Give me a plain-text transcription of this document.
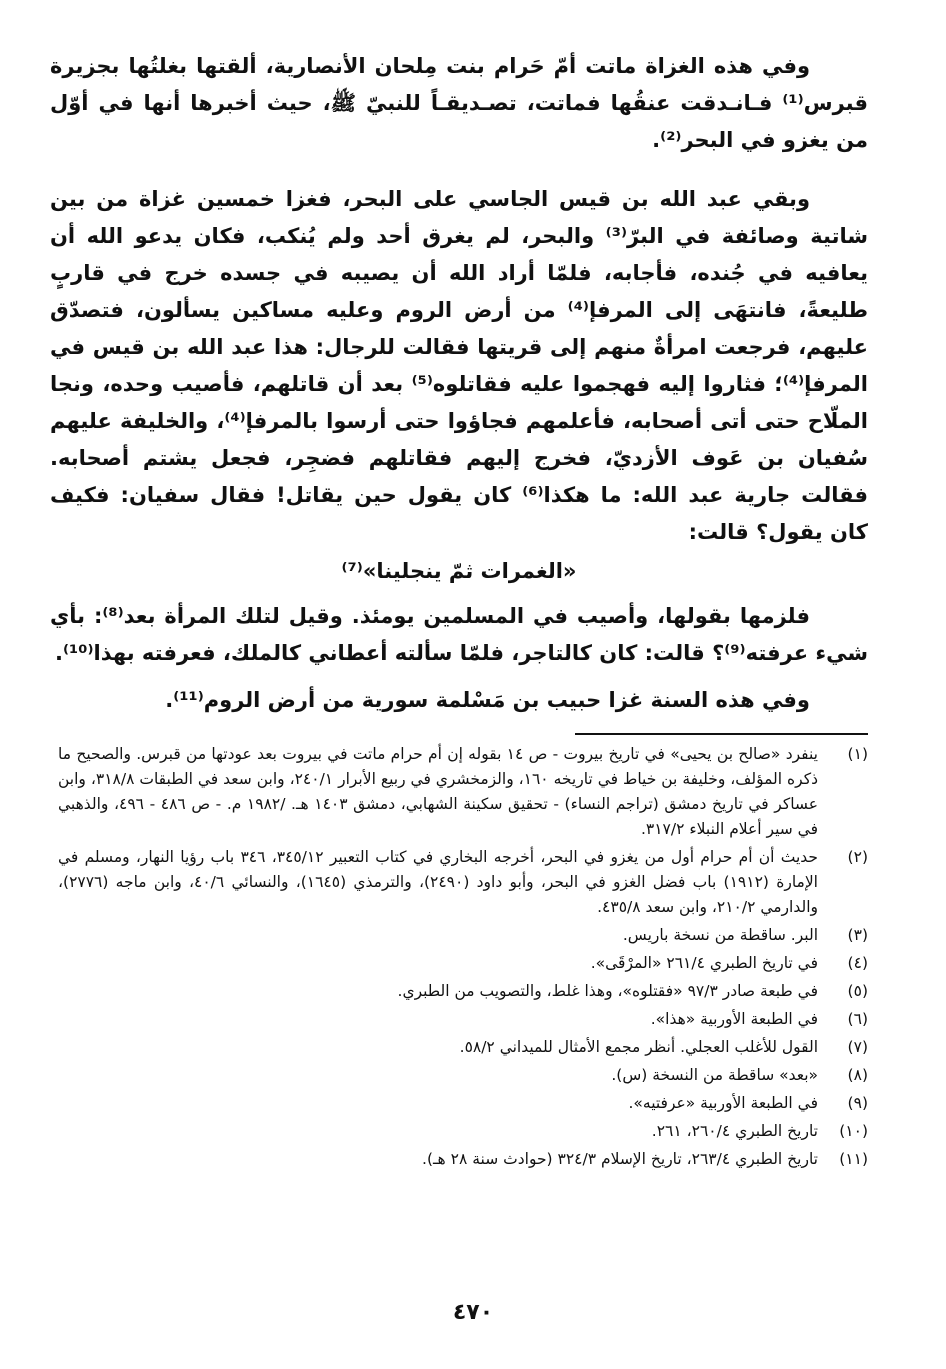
وفي هذه الغزاة ماتت أمّ حَرام بنت مِلحان الأنصارية، ألقتها بغلتُها بجزيرة قبرس⁽¹⁾ فـانـدقت عنقُها فماتت، تصـديقـاً للنبيّ ﷺ، حيث أخبرها أنها في أوّل من يغزو في البحر⁽²⁾.

وبقي عبد الله بن قيس الجاسي على البحر، فغزا خمسين غزاة من بين شاتية وصائفة في البرّ⁽³⁾ والبحر، لم يغرق أحد ولم يُنكب، فكان يدعو الله أن يعافيه في جُنده، فأجابه، فلمّا أراد الله أن يصيبه في جسده خرج في قاربٍ طليعةً، فانتهَى إلى المرفإ⁽⁴⁾ من أرض الروم وعليه مساكين يسألون، فتصدّق عليهم، فرجعت امرأةٌ منهم إلى قريتها فقالت للرجال: هذا عبد الله بن قيس في المرفإ⁽⁴⁾؛ فثاروا إليه فهجموا عليه فقاتلوه⁽⁵⁾ بعد أن قاتلهم، فأصيب وحده، ونجا الملّاح حتى أتى أصحابه، فأعلمهم فجاؤوا حتى أرسوا بالمرفإ⁽⁴⁾، والخليفة عليهم سُفيان بن عَوف الأزديّ، فخرج إليهم فقاتلهم فضجِر، فجعل يشتم أصحابه. فقالت جارية عبد الله: ما هكذا⁽⁶⁾ كان يقول حين يقاتل! فقال سفيان: فكيف كان يقول؟ قالت:

«الغمرات ثمّ ينجلينا»⁽⁷⁾

فلزمها بقولها، وأصيب في المسلمين يومئذ. وقيل لتلك المرأة بعد⁽⁸⁾: بأي شيء عرفته⁽⁹⁾؟ قالت: كان كالتاجر، فلمّا سألته أعطاني كالملك، فعرفته بهذا⁽¹⁰⁾.

وفي هذه السنة غزا حبيب بن مَسْلمة سورية من أرض الروم⁽¹¹⁾.

(١)
ينفرد «صالح بن يحيى» في تاريخ بيروت - ص ١٤ بقوله إن أم حرام ماتت في بيروت بعد عودتها من قبرس. والصحيح ما ذكره المؤلف، وخليفة بن خياط في تاريخه ١٦٠، والزمخشري في ربيع الأبرار ٢٤٠/١، وابن سعد في الطبقات ٣١٨/٨، وابن عساكر في تاريخ دمشق (تراجم النساء) - تحقيق سكينة الشهابي، دمشق ١٤٠٣ هـ. /١٩٨٢ م. - ص ٤٨٦ - ٤٩٦، والذهبي في سير أعلام النبلاء ٣١٧/٢.
(٢)
حديث أن أم حرام أول من يغزو في البحر، أخرجه البخاري في كتاب التعبير ٣٤٥/١٢، ٣٤٦ باب رؤيا النهار، ومسلم في الإمارة (١٩١٢) باب فضل الغزو في البحر، وأبو داود (٢٤٩٠)، والترمذي (١٦٤٥)، والنسائي ٤٠/٦، وابن ماجه (٢٧٧٦)، والدارمي ٢١٠/٢، وابن سعد ٤٣٥/٨.
(٣)
البر. ساقطة من نسخة باريس.
(٤)
في تاريخ الطبري ٢٦١/٤ «المرْقَى».
(٥)
في طبعة صادر ٩٧/٣ «فقتلوه»، وهذا غلط، والتصويب من الطبري.
(٦)
في الطبعة الأوربية «هذا».
(٧)
القول للأغلب العجلي. أنظر مجمع الأمثال للميداني ٥٨/٢.
(٨)
«بعد» ساقطة من النسخة (س).
(٩)
في الطبعة الأوربية «عرفتيه».
(١٠)
تاريخ الطبري ٢٦٠/٤، ٢٦١.
(١١)
تاريخ الطبري ٢٦٣/٤، تاريخ الإسلام ٣٢٤/٣ (حوادث سنة ٢٨ هـ).
٤٧٠
